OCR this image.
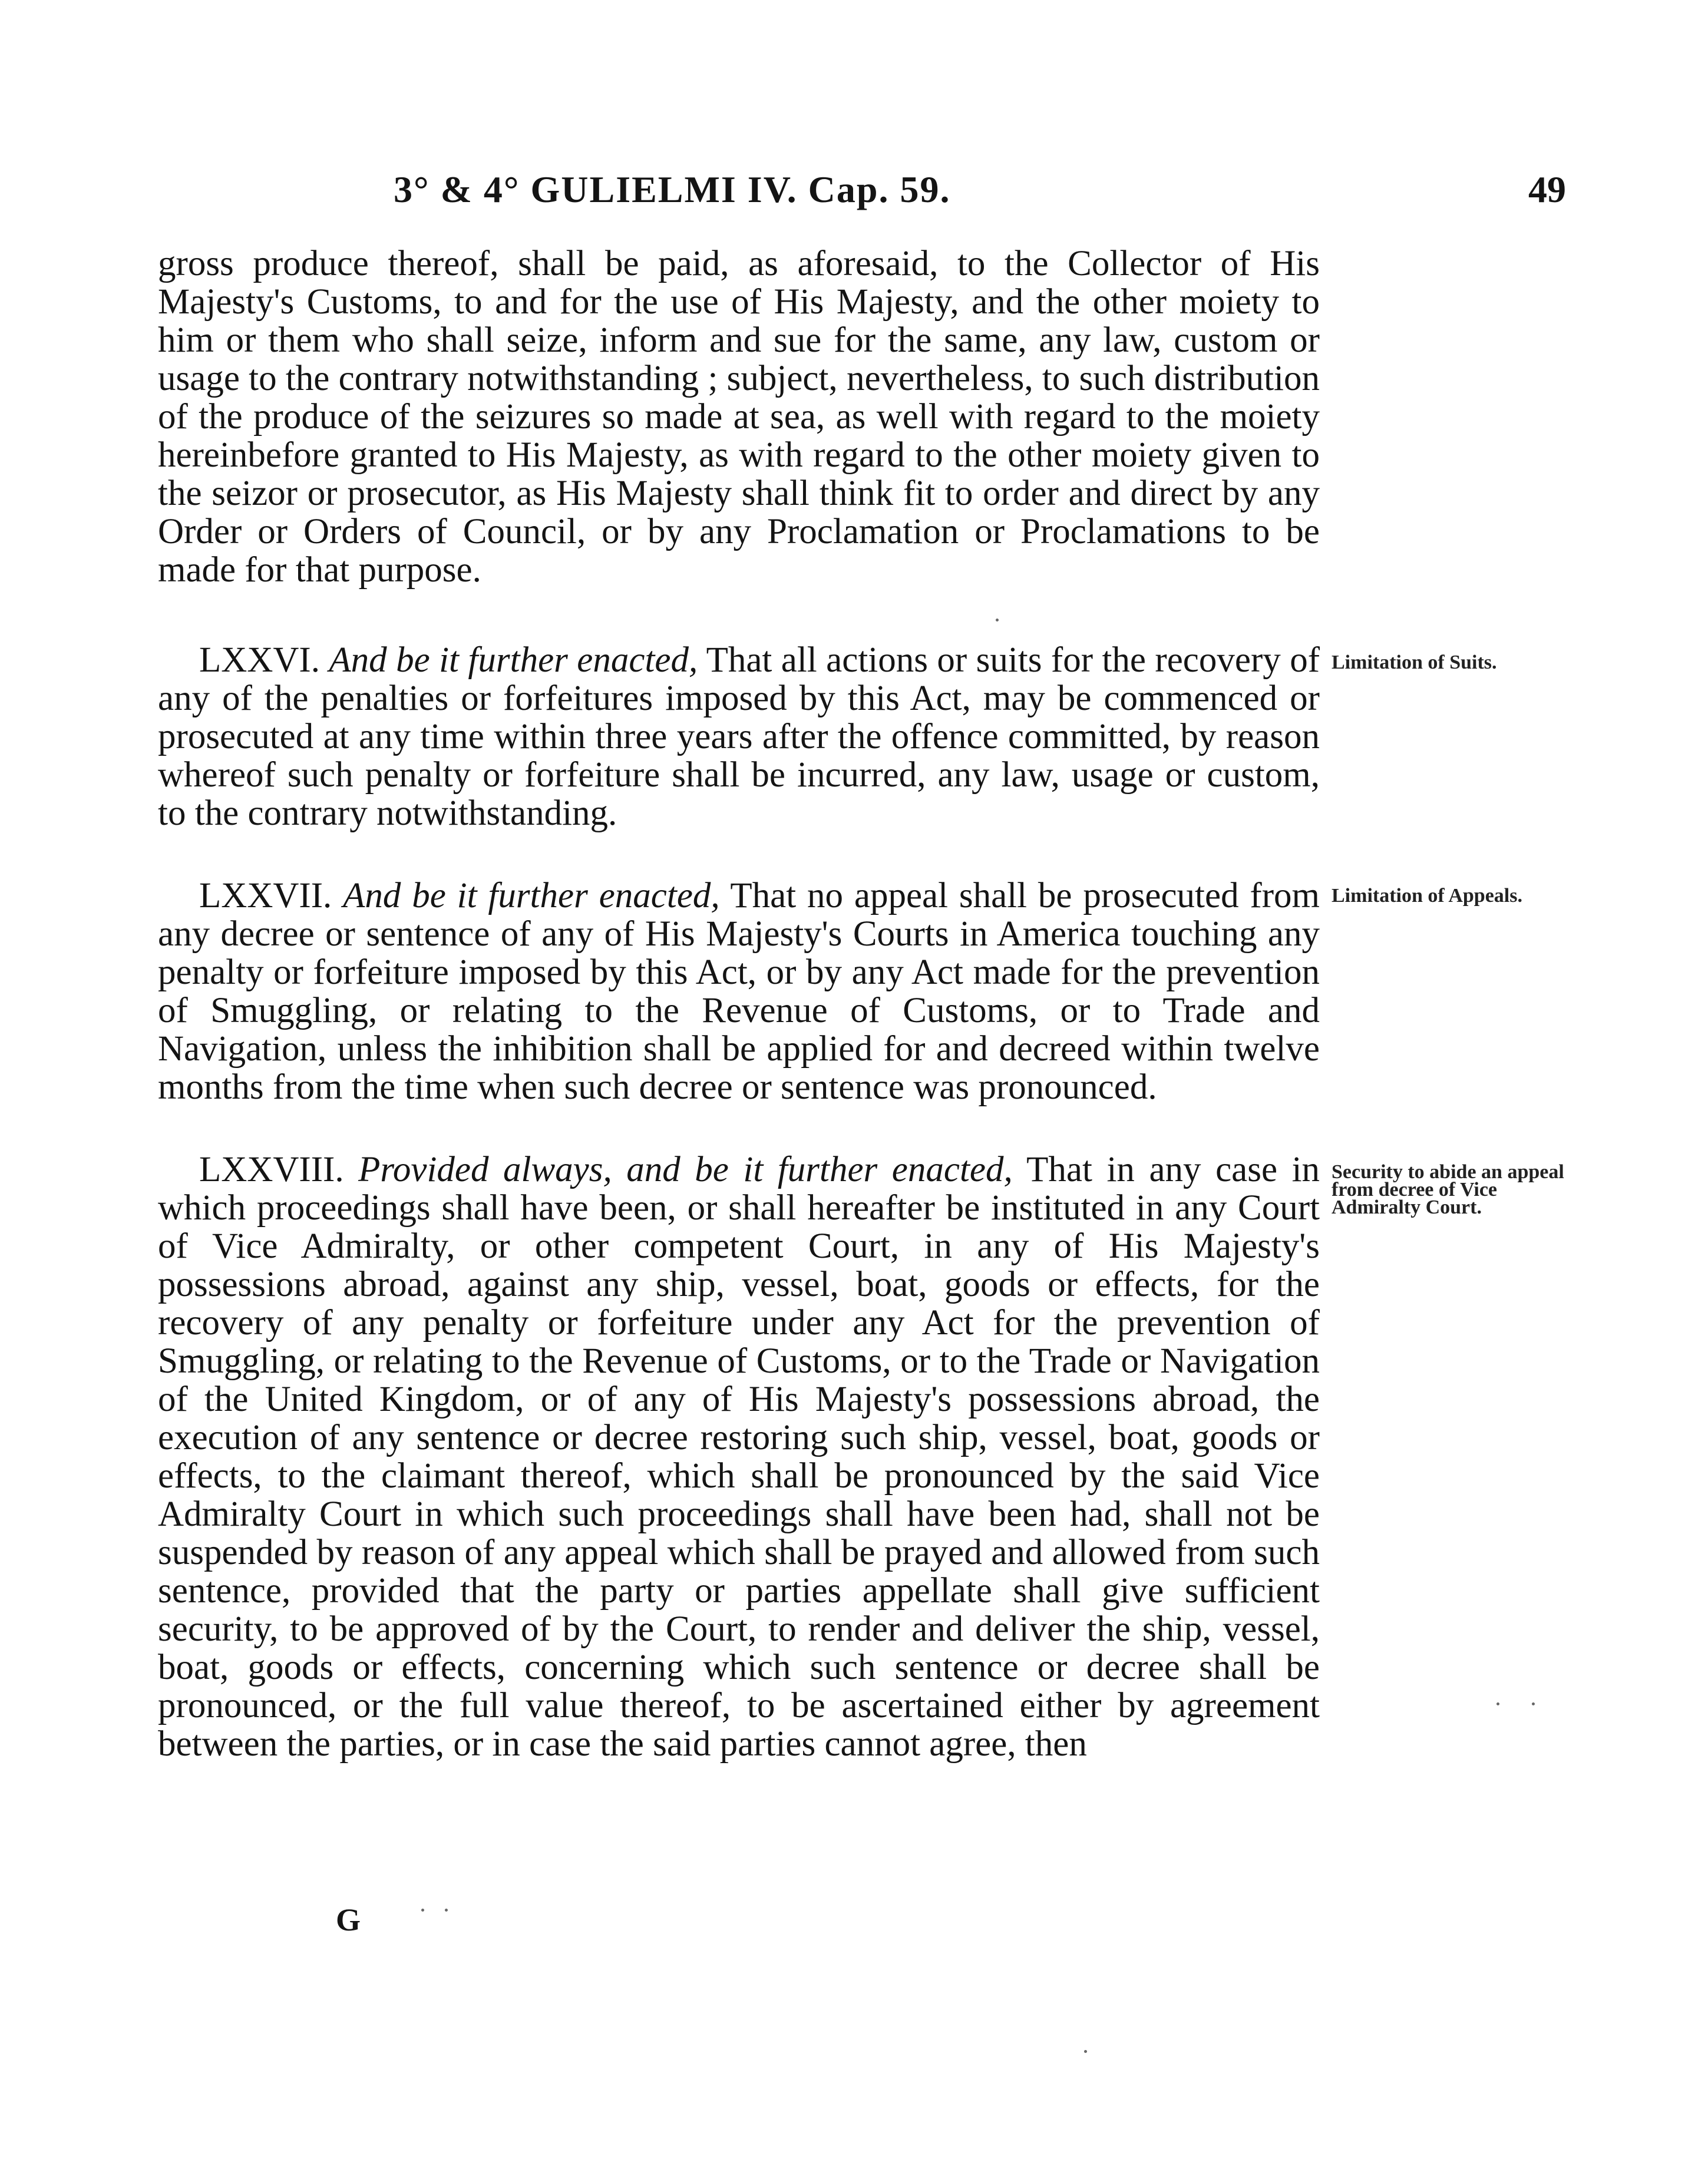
3° & 4° GULIELMI IV. Cap. 59.	49

gross produce thereof, shall be paid, as aforesaid, to the Collector of His Majesty's Customs, to and for the use of His Majesty, and the other moiety to him or them who shall seize, inform and sue for the same, any law, custom or usage to the contrary notwithstanding ; subject, nevertheless, to such distribution of the produce of the seizures so made at sea, as well with regard to the moiety hereinbefore granted to His Majesty, as with regard to the other moiety given to the seizor or prosecutor, as His Majesty shall think fit to order and direct by any Order or Orders of Council, or by any Proclamation or Proclamations to be made for that purpose.

LXXVI. And be it further enacted, That all actions or suits for the recovery of any of the penalties or forfeitures imposed by this Act, may be commenced or prosecuted at any time within three years after the offence committed, by reason whereof such penalty or forfeiture shall be incurred, any law, usage or custom, to the contrary notwithstanding.

Limitation of Suits.

LXXVII. And be it further enacted, That no appeal shall be prosecuted from any decree or sentence of any of His Majesty's Courts in America touching any penalty or forfeiture imposed by this Act, or by any Act made for the prevention of Smuggling, or relating to the Revenue of Customs, or to Trade and Navigation, unless the inhibition shall be applied for and decreed within twelve months from the time when such decree or sentence was pronounced.

Limitation of Appeals.

LXXVIII. Provided always, and be it further enacted, That in any case in which proceedings shall have been, or shall hereafter be instituted in any Court of Vice Admiralty, or other competent Court, in any of His Majesty's possessions abroad, against any ship, vessel, boat, goods or effects, for the recovery of any penalty or forfeiture under any Act for the prevention of Smuggling, or relating to the Revenue of Customs, or to the Trade or Navigation of the United Kingdom, or of any of His Majesty's possessions abroad, the execution of any sentence or decree restoring such ship, vessel, boat, goods or effects, to the claimant thereof, which shall be pronounced by the said Vice Admiralty Court in which such proceedings shall have been had, shall not be suspended by reason of any appeal which shall be prayed and allowed from such sentence, provided that the party or parties appellate shall give sufficient security, to be approved of by the Court, to render and deliver the ship, vessel, boat, goods or effects, concerning which such sentence or decree shall be pronounced, or the full value thereof, to be ascertained either by agreement between the parties, or in case the said parties cannot agree, then

Security to abide an appeal from decree of Vice Admiralty Court.
G
